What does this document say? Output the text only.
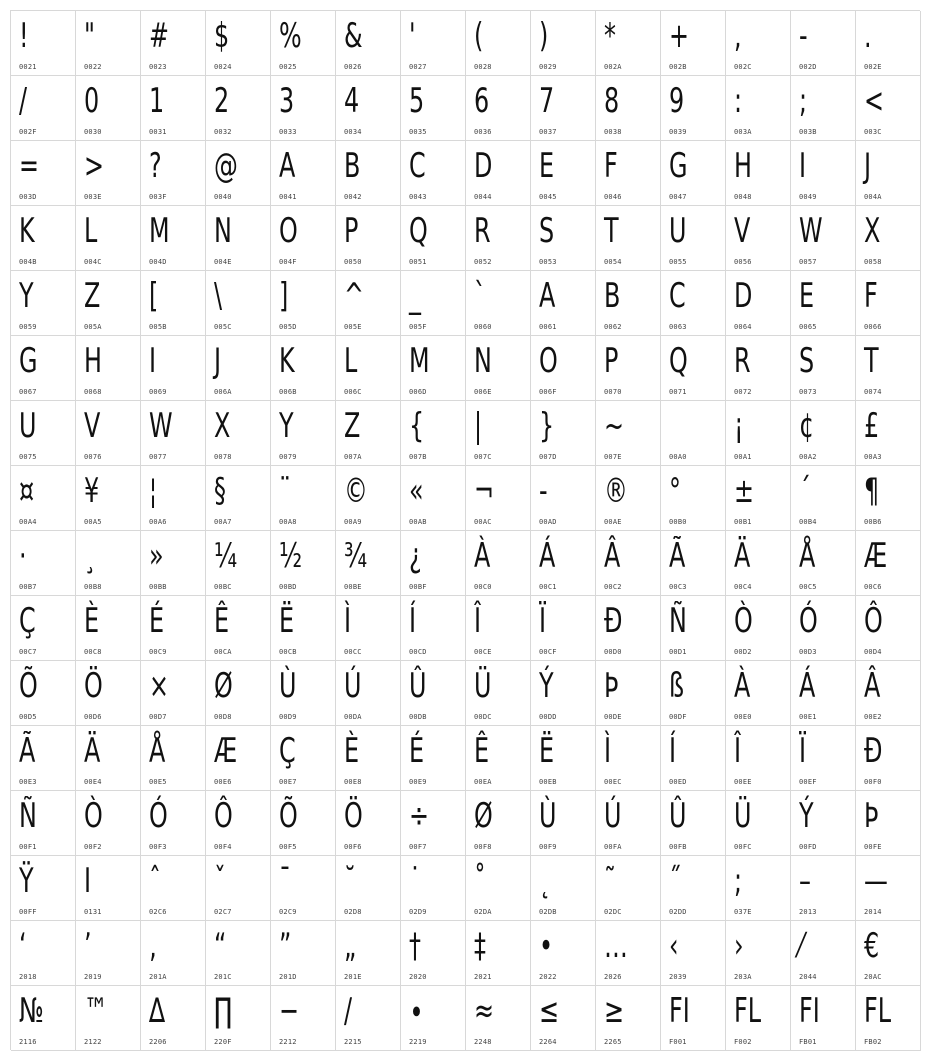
!
0021
"
0022
#
0023
$
0024
%
0025
&
0026
'
0027
(
0028
)
0029
*
002A
+
002B
,
002C
-
002D
.
002E
/
002F
0
0030
1
0031
2
0032
3
0033
4
0034
5
0035
6
0036
7
0037
8
0038
9
0039
:
003A
;
003B
<
003C
=
003D
>
003E
?
003F
@
0040
A
0041
B
0042
C
0043
D
0044
E
0045
F
0046
G
0047
H
0048
I
0049
J
004A
K
004B
L
004C
M
004D
N
004E
O
004F
P
0050
Q
0051
R
0052
S
0053
T
0054
U
0055
V
0056
W
0057
X
0058
Y
0059
Z
005A
[
005B
\
005C
]
005D
^
005E
_
005F
`
0060
A
0061
B
0062
C
0063
D
0064
E
0065
F
0066
G
0067
H
0068
I
0069
J
006A
K
006B
L
006C
M
006D
N
006E
O
006F
P
0070
Q
0071
R
0072
S
0073
T
0074
U
0075
V
0076
W
0077
X
0078
Y
0079
Z
007A
{
007B
|
007C
}
007D
~
007E	00A0
¡
00A1
¢
00A2
£
00A3
¤
00A4
¥
00A5
¦
00A6
§
00A7
¨
00A8
©
00A9
«
00AB
¬
00AC
-
00AD
®
00AE
°
00B0
±
00B1
´
00B4
¶
00B6
·
00B7
¸
00B8
»
00BB
¼
00BC
½
00BD
¾
00BE
¿
00BF
À
00C0
Á
00C1
Â
00C2
Ã
00C3
Ä
00C4
Å
00C5
Æ
00C6
Ç
00C7
È
00C8
É
00C9
Ê
00CA
Ë
00CB
Ì
00CC
Í
00CD
Î
00CE
Ï
00CF
Ð
00D0
Ñ
00D1
Ò
00D2
Ó
00D3
Ô
00D4
Õ
00D5
Ö
00D6
×
00D7
Ø
00D8
Ù
00D9
Ú
00DA
Û
00DB
Ü
00DC
Ý
00DD
Þ
00DE
ß
00DF
À
00E0
Á
00E1
Â
00E2
Ã
00E3
Ä
00E4
Å
00E5
Æ
00E6
Ç
00E7
È
00E8
É
00E9
Ê
00EA
Ë
00EB
Ì
00EC
Í
00ED
Î
00EE
Ï
00EF
Ð
00F0
Ñ
00F1
Ò
00F2
Ó
00F3
Ô
00F4
Õ
00F5
Ö
00F6
÷
00F7
Ø
00F8
Ù
00F9
Ú
00FA
Û
00FB
Ü
00FC
Ý
00FD
Þ
00FE
Ÿ
00FF
I
0131
ˆ
02C6
ˇ
02C7
ˉ
02C9
˘
02D8
˙
02D9
˚
02DA
˛
02DB
˜
02DC
˝
02DD
;
037E
–
2013
—
2014
‘
2018
’
2019
‚
201A
“
201C
”
201D
„
201E
†
2020
‡
2021
•
2022
…
2026
‹
2039
›
203A
⁄
2044
€
20AC
№
2116
™
2122
∆
2206
∏
220F
−
2212
∕
2215
∙
2219
≈
2248
≤
2264
≥
2265
FI
F001
FL
F002
FI
FB01
FL
FB02
